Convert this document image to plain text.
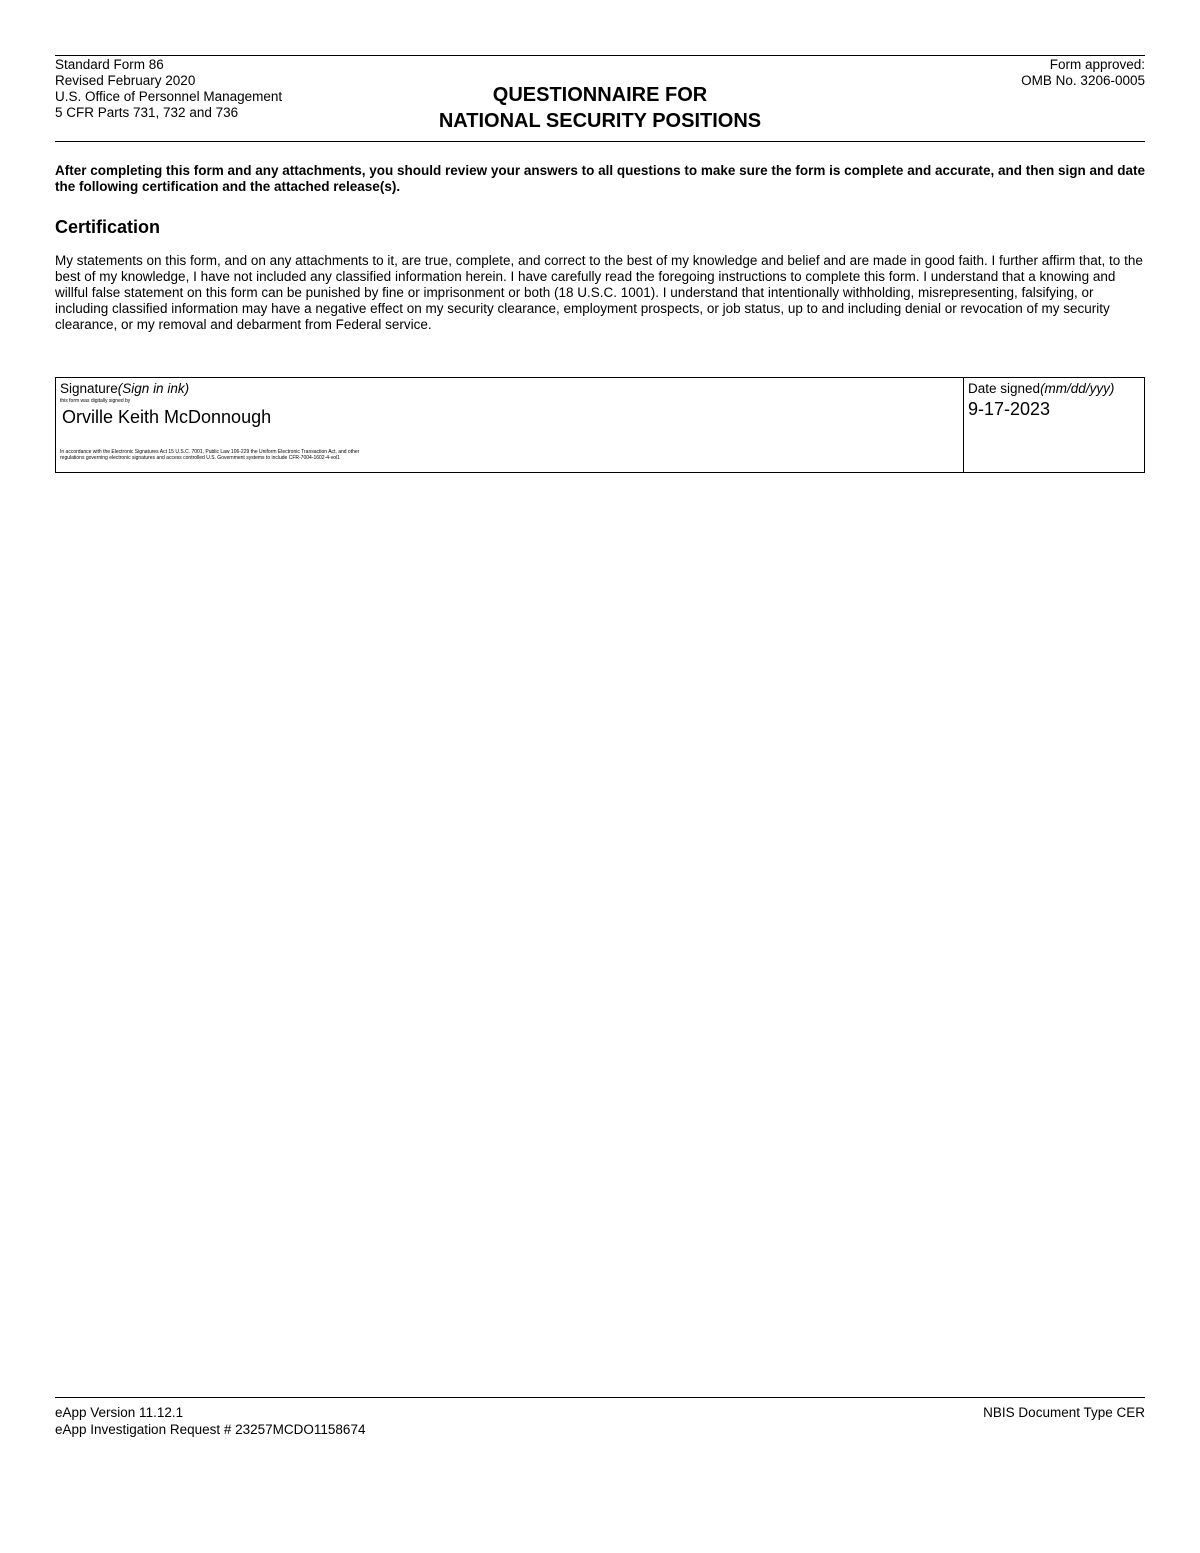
Standard Form 86
Revised February 2020
U.S. Office of Personnel Management
5 CFR Parts 731, 732 and 736
QUESTIONNAIRE FOR
NATIONAL SECURITY POSITIONS
Form approved:
OMB No. 3206-0005
After completing this form and any attachments, you should review your answers to all questions to make sure the form is complete and accurate, and then sign and date the following certification and the attached release(s).
Certification
My statements on this form, and on any attachments to it, are true, complete, and correct to the best of my knowledge and belief and are made in good faith. I further affirm that, to the best of my knowledge, I have not included any classified information herein. I have carefully read the foregoing instructions to complete this form. I understand that a knowing and willful false statement on this form can be punished by fine or imprisonment or both (18 U.S.C. 1001). I understand that intentionally withholding, misrepresenting, falsifying, or including classified information may have a negative effect on my security clearance, employment prospects, or job status, up to and including denial or revocation of my security clearance, or my removal and debarment from Federal service.
Signature(Sign in ink)
this form was digitally signed by
Orville Keith McDonnough
In accordance with the Electronic Signatures Act 15 U.S.C. 7001, Public Law 106-229 the Uniform Electronic Transaction Act, and other
regulations governing electronic signatures and access controlled U.S. Government systems to include CFR-7004-1602-4-vol1
Date signed(mm/dd/yyy)
9-17-2023
eApp Version 11.12.1
eApp Investigation Request # 23257MCDO1158674
NBIS Document Type CER
